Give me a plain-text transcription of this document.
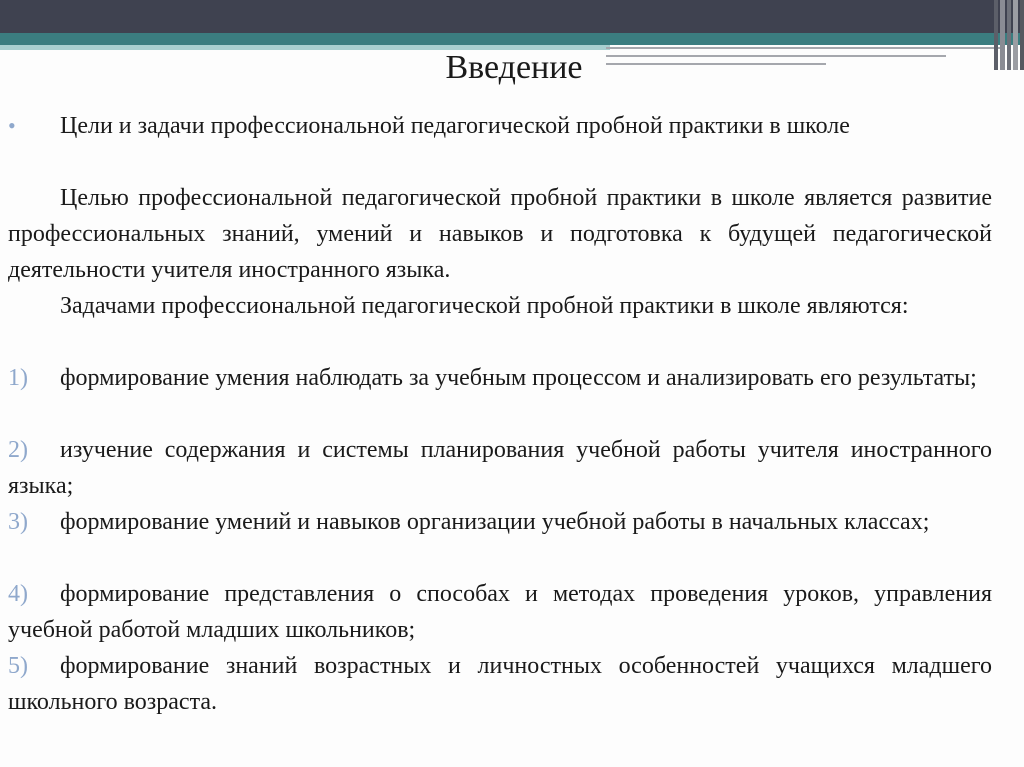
Введение
•	Цели и задачи профессиональной педагогической пробной практики в школе
Целью профессиональной педагогической пробной практики в школе является развитие профессиональных знаний, умений и навыков и подготовка к будущей педагогической деятельности учителя иностранного языка.
Задачами профессиональной педагогической пробной практики в школе являются:
1)	формирование умения наблюдать за учебным процессом и анализировать его результаты;
2)	изучение содержания и системы планирования учебной работы учителя иностранного языка;
3)	формирование умений и навыков организации учебной работы в начальных классах;
4)	формирование представления о способах и методах проведения уроков, управления учебной работой младших школьников;
5)	формирование знаний возрастных и личностных особенностей учащихся младшего школьного возраста.
